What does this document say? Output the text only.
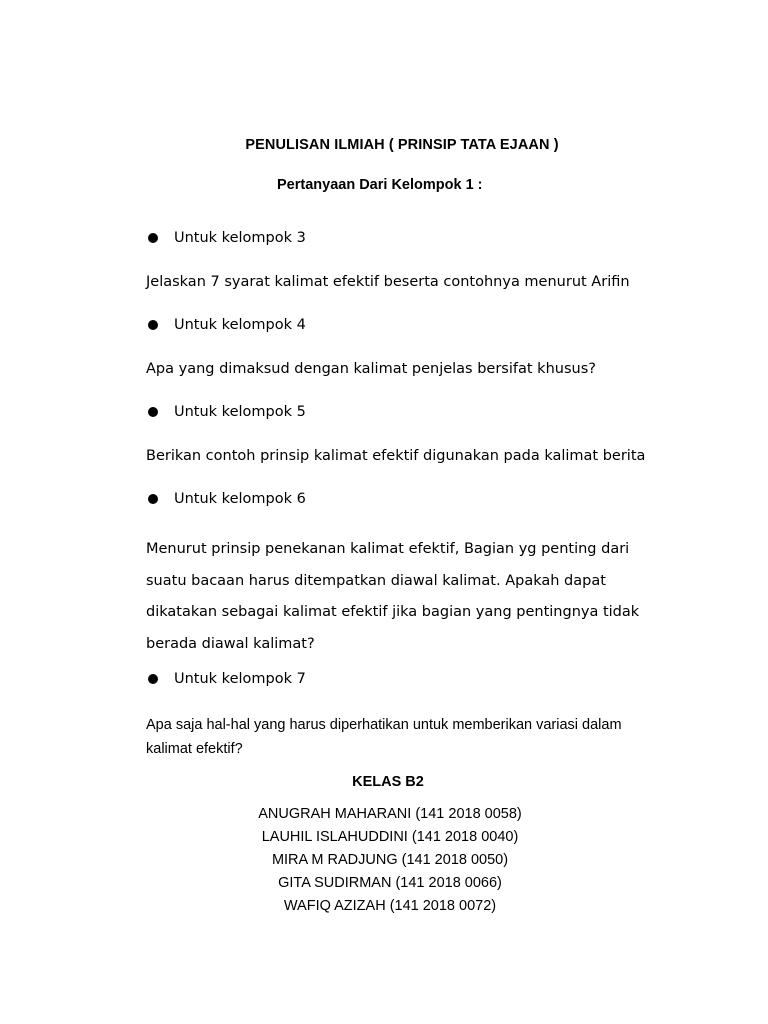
PENULISAN ILMIAH ( PRINSIP TATA EJAAN )
Pertanyaan Dari Kelompok 1 :
Untuk kelompok 3
Jelaskan 7 syarat kalimat efektif beserta contohnya menurut Arifin
Untuk kelompok 4
Apa yang dimaksud dengan kalimat penjelas bersifat khusus?
Untuk kelompok 5
Berikan contoh prinsip kalimat efektif digunakan pada kalimat berita
Untuk kelompok 6
Menurut prinsip penekanan kalimat efektif, Bagian yg penting dari
suatu bacaan harus ditempatkan diawal kalimat. Apakah dapat
dikatakan sebagai kalimat efektif jika bagian yang pentingnya tidak
berada diawal kalimat?
Untuk kelompok 7
Apa saja hal-hal yang harus diperhatikan untuk memberikan variasi dalam
kalimat efektif?
KELAS B2
ANUGRAH MAHARANI (141 2018 0058)
LAUHIL ISLAHUDDINI (141 2018 0040)
MIRA M RADJUNG (141 2018 0050)
GITA SUDIRMAN (141 2018 0066)
WAFIQ AZIZAH (141 2018 0072)
